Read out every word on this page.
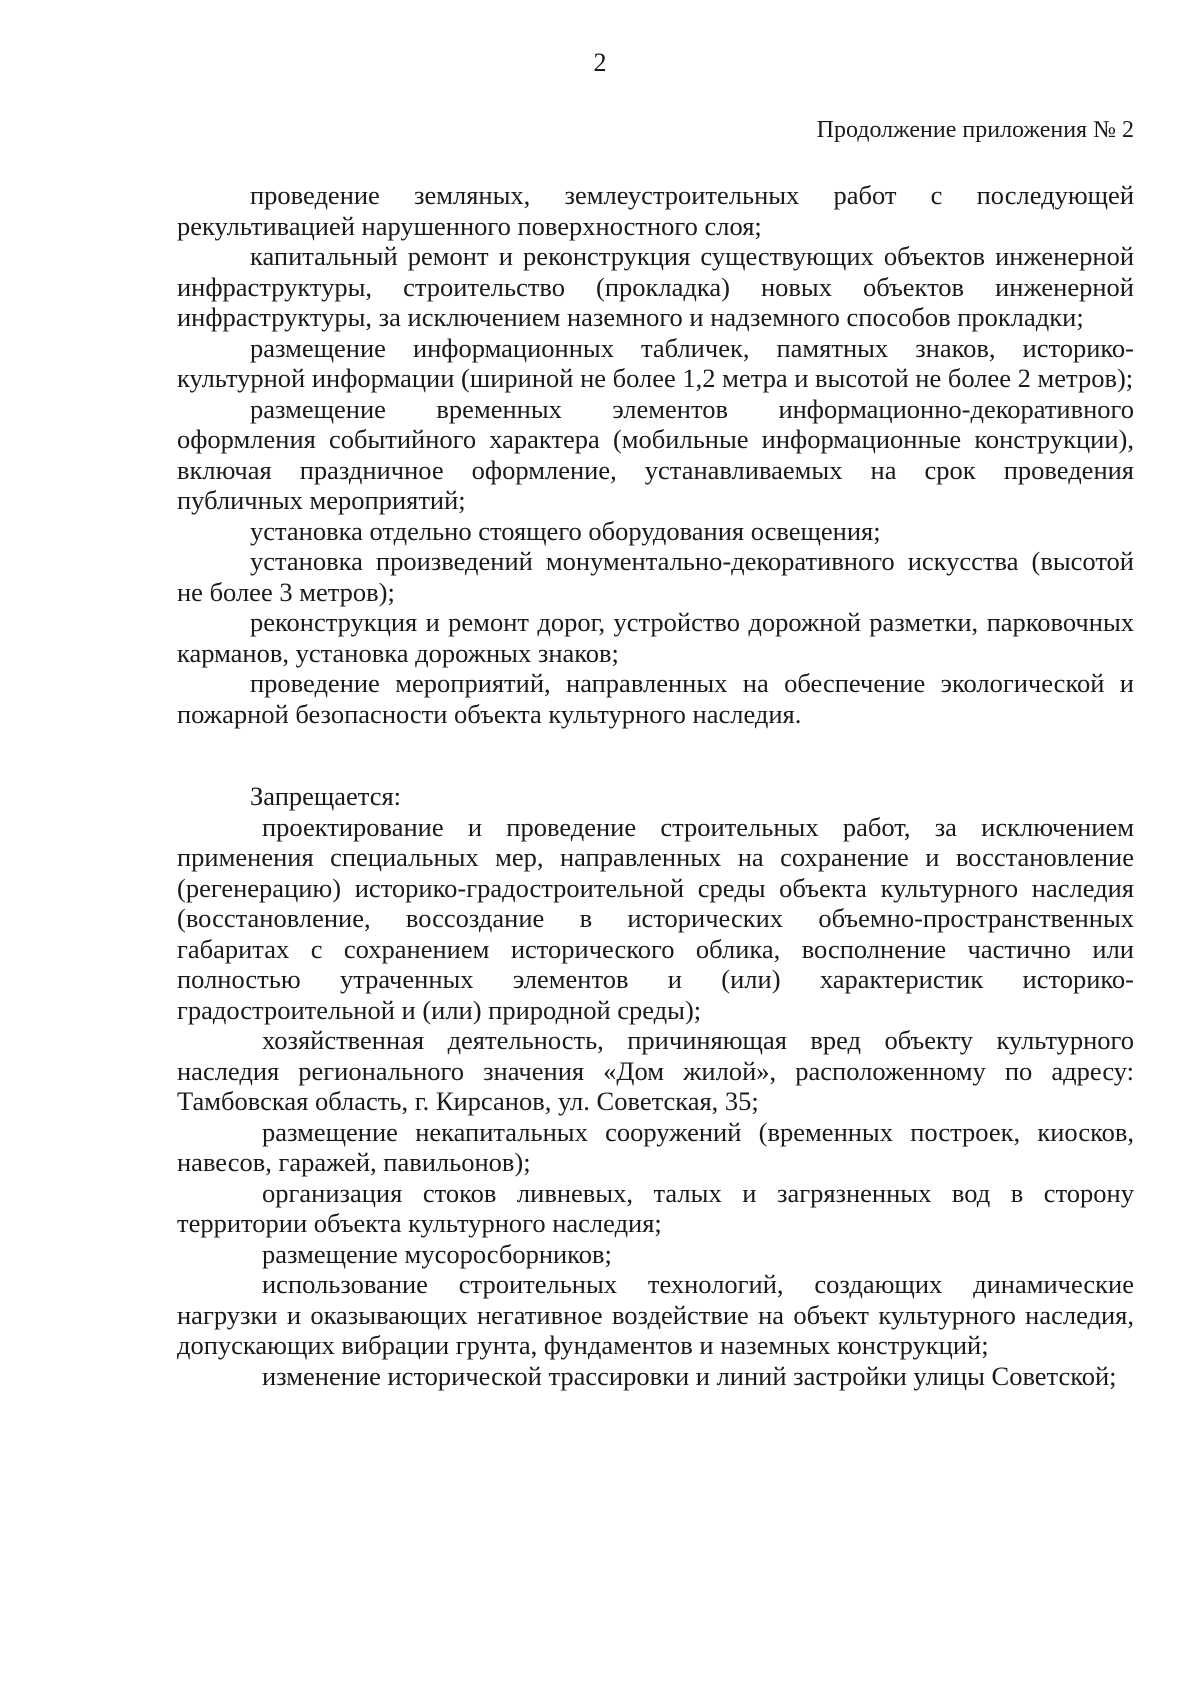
2
Продолжение приложения № 2

проведение земляных, землеустроительных работ с последующей рекультивацией нарушенного поверхностного слоя;

капитальный ремонт и реконструкция существующих объектов инженерной инфраструктуры, строительство (прокладка) новых объектов инженерной инфраструктуры, за исключением наземного и надземного способов прокладки;

размещение информационных табличек, памятных знаков, историко-культурной информации (шириной не более 1,2 метра и высотой не более 2 метров);

размещение временных элементов информационно-декоративного оформления событийного характера (мобильные информационные конструкции), включая праздничное оформление, устанавливаемых на срок проведения публичных мероприятий;

установка отдельно стоящего оборудования освещения;

установка произведений монументально-декоративного искусства (высотой не более 3 метров);

реконструкция и ремонт дорог, устройство дорожной разметки, парковочных карманов, установка дорожных знаков;

проведение мероприятий, направленных на обеспечение экологической и пожарной безопасности объекта культурного наследия.

Запрещается:

проектирование и проведение строительных работ, за исключением применения специальных мер, направленных на сохранение и восстановление (регенерацию) историко-градостроительной среды объекта культурного наследия (восстановление, воссоздание в исторических объемно-пространственных габаритах с сохранением исторического облика, восполнение частично или полностью утраченных элементов и (или) характеристик историко- градостроительной и (или) природной среды);

хозяйственная деятельность, причиняющая вред объекту культурного наследия регионального значения «Дом жилой», расположенному по адресу: Тамбовская область, г. Кирсанов, ул. Советская, 35;

размещение некапитальных сооружений (временных построек, киосков, навесов, гаражей, павильонов);

организация стоков ливневых, талых и загрязненных вод в сторону территории объекта культурного наследия;

размещение мусоросборников;

использование строительных технологий, создающих динамические нагрузки и оказывающих негативное воздействие на объект культурного наследия, допускающих вибрации грунта, фундаментов и наземных конструкций;

изменение исторической трассировки и линий застройки улицы Советской;
